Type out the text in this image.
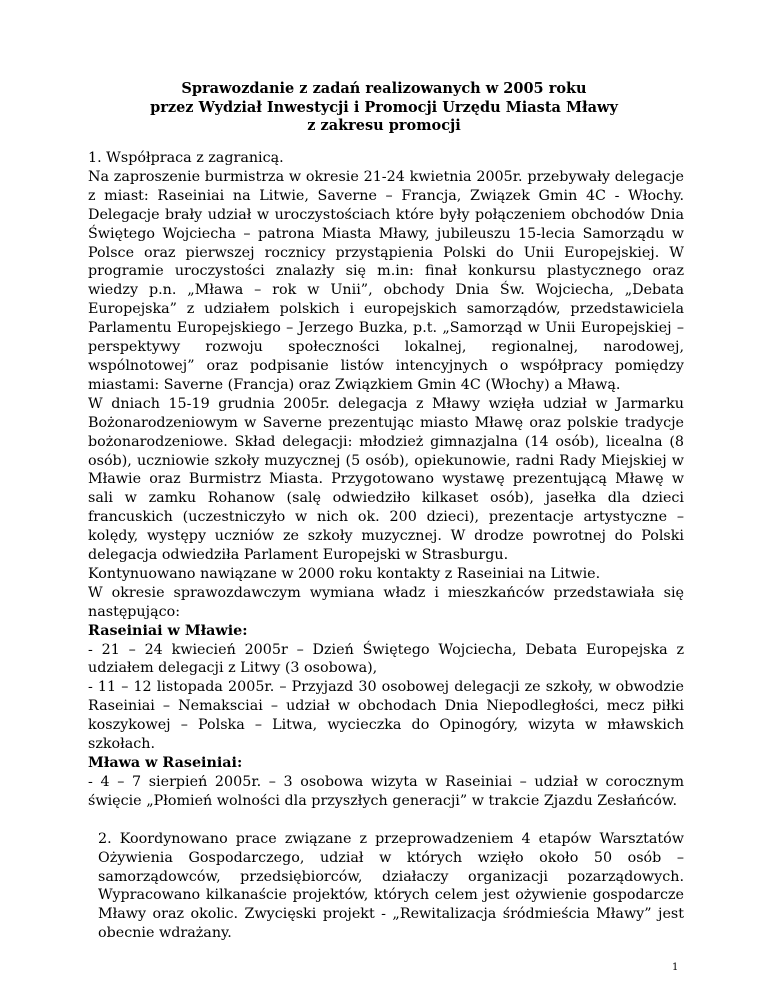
Sprawozdanie z zadań realizowanych w 2005 roku
przez Wydział Inwestycji i Promocji Urzędu Miasta Mławy
z zakresu promocji

1. Współpraca z zagranicą.

Na zaproszenie burmistrza w okresie 21-24 kwietnia 2005r. przebywały delegacje z miast: Raseiniai na Litwie, Saverne – Francja, Związek Gmin 4C - Włochy. Delegacje brały udział w uroczystościach które były połączeniem obchodów Dnia Świętego Wojciecha – patrona Miasta Mławy, jubileuszu 15-lecia Samorządu w Polsce oraz pierwszej rocznicy przystąpienia Polski do Unii Europejskiej. W programie uroczystości znalazły się m.in: finał konkursu plastycznego oraz wiedzy p.n. „Mława – rok w Unii”, obchody Dnia Św. Wojciecha, „Debata Europejska” z udziałem polskich i europejskich samorządów, przedstawiciela Parlamentu Europejskiego – Jerzego Buzka, p.t. „Samorząd w Unii Europejskiej – perspektywy rozwoju społeczności lokalnej, regionalnej, narodowej, wspólnotowej” oraz podpisanie listów intencyjnych o współpracy pomiędzy miastami: Saverne (Francja) oraz Związkiem Gmin 4C (Włochy) a Mławą.

W dniach 15-19 grudnia 2005r. delegacja z Mławy wzięła udział w Jarmarku Bożonarodzeniowym w Saverne prezentując miasto Mławę oraz polskie tradycje bożonarodzeniowe. Skład delegacji: młodzież gimnazjalna (14 osób), licealna (8 osób), uczniowie szkoły muzycznej (5 osób), opiekunowie, radni Rady Miejskiej w Mławie oraz Burmistrz Miasta. Przygotowano wystawę prezentującą Mławę w sali w zamku Rohanow (salę odwiedziło kilkaset osób), jasełka dla dzieci francuskich (uczestniczyło w nich ok. 200 dzieci), prezentacje artystyczne – kolędy, występy uczniów ze szkoły muzycznej. W drodze powrotnej do Polski delegacja odwiedziła Parlament Europejski w Strasburgu.

Kontynuowano nawiązane w 2000 roku kontakty z Raseiniai na Litwie.

W okresie sprawozdawczym wymiana władz i mieszkańców przedstawiała się następująco:

Raseiniai w Mławie:

- 21 – 24 kwiecień 2005r – Dzień Świętego Wojciecha, Debata Europejska z udziałem delegacji z Litwy (3 osobowa),

- 11 – 12 listopada 2005r. – Przyjazd 30 osobowej delegacji ze szkoły, w obwodzie Raseiniai – Nemaksciai – udział w obchodach Dnia Niepodległości, mecz piłki koszykowej – Polska – Litwa, wycieczka do Opinogóry, wizyta w mławskich szkołach.

Mława w Raseiniai:

- 4 – 7 sierpień 2005r. – 3 osobowa wizyta w Raseiniai – udział w corocznym święcie „Płomień wolności dla przyszłych generacji” w trakcie Zjazdu Zesłańców.

2. Koordynowano prace związane z przeprowadzeniem 4 etapów Warsztatów Ożywienia Gospodarczego, udział w których wzięło około 50 osób – samorządowców, przedsiębiorców, działaczy organizacji pozarządowych. Wypracowano kilkanaście projektów, których celem jest ożywienie gospodarcze Mławy oraz okolic. Zwycięski projekt - „Rewitalizacja śródmieścia Mławy” jest obecnie wdrażany.

1
